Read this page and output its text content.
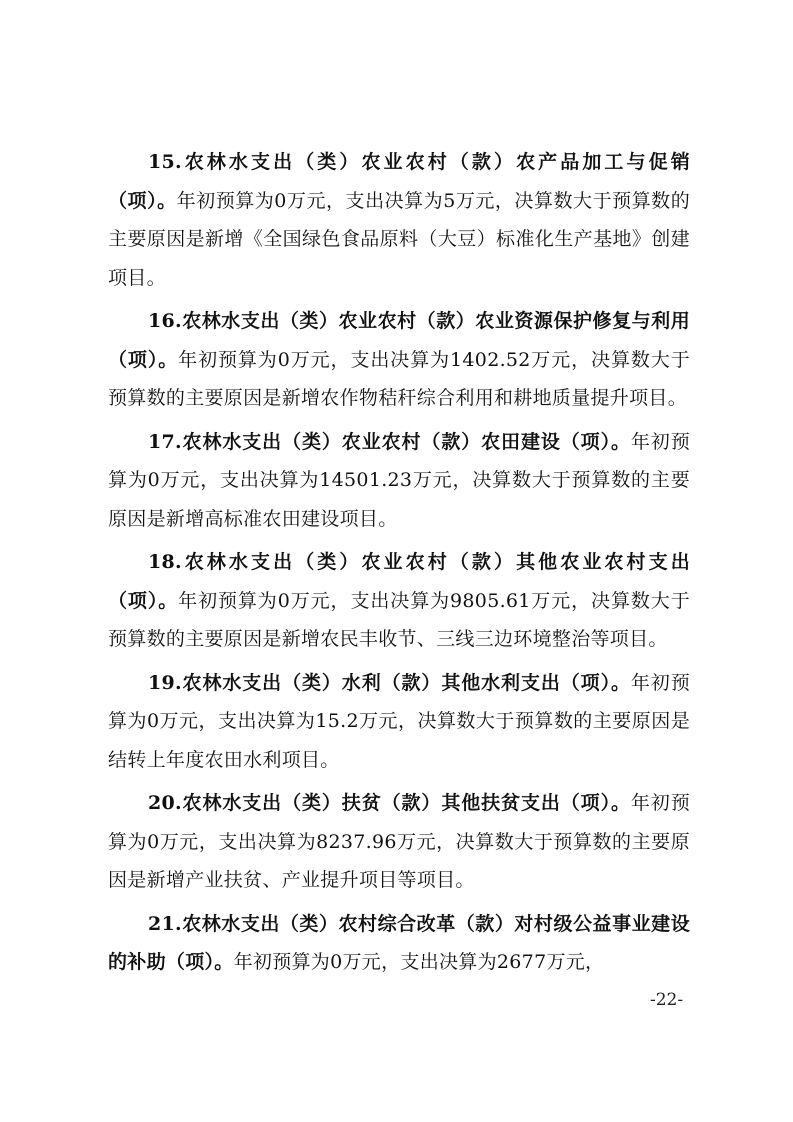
15.农林水支出（类）农业农村（款）农产品加工与促销（项）。年初预算为0万元，支出决算为5万元，决算数大于预算数的主要原因是新增《全国绿色食品原料（大豆）标准化生产基地》创建项目。

16.农林水支出（类）农业农村（款）农业资源保护修复与利用（项）。年初预算为0万元，支出决算为1402.52万元，决算数大于预算数的主要原因是新增农作物秸秆综合利用和耕地质量提升项目。

17.农林水支出（类）农业农村（款）农田建设（项）。年初预算为0万元，支出决算为14501.23万元，决算数大于预算数的主要原因是新增高标准农田建设项目。

18.农林水支出（类）农业农村（款）其他农业农村支出（项）。年初预算为0万元，支出决算为9805.61万元，决算数大于预算数的主要原因是新增农民丰收节、三线三边环境整治等项目。

19.农林水支出（类）水利（款）其他水利支出（项）。年初预算为0万元，支出决算为15.2万元，决算数大于预算数的主要原因是结转上年度农田水利项目。

20.农林水支出（类）扶贫（款）其他扶贫支出（项）。年初预算为0万元，支出决算为8237.96万元，决算数大于预算数的主要原因是新增产业扶贫、产业提升项目等项目。

21.农林水支出（类）农村综合改革（款）对村级公益事业建设的补助（项）。年初预算为0万元，支出决算为2677万元，

-22-
